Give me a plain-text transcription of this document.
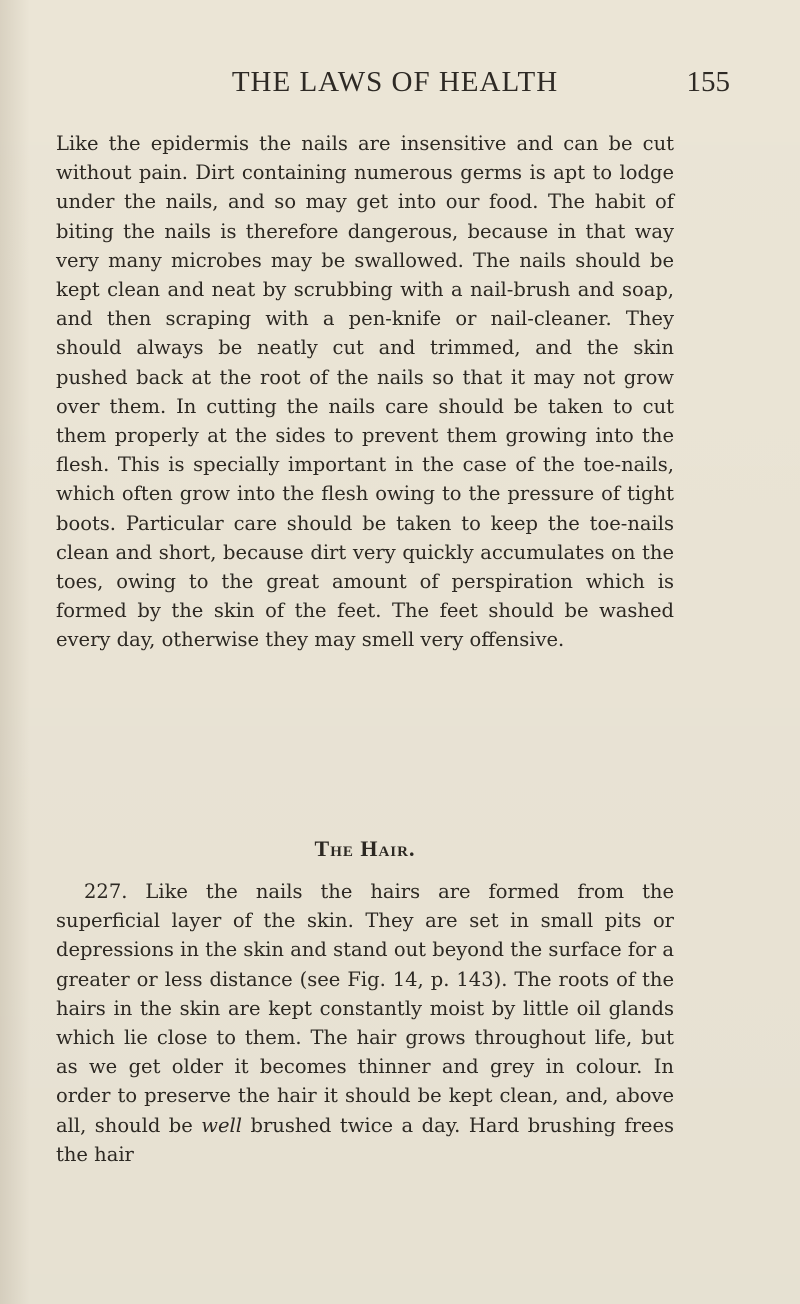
THE LAWS OF HEALTH	155

Like the epidermis the nails are insensitive and can be cut without pain. Dirt containing numerous germs is apt to lodge under the nails, and so may get into our food. The habit of biting the nails is therefore dangerous, because in that way very many microbes may be swallowed. The nails should be kept clean and neat by scrubbing with a nail-brush and soap, and then scraping with a pen-knife or nail-cleaner. They should always be neatly cut and trimmed, and the skin pushed back at the root of the nails so that it may not grow over them. In cutting the nails care should be taken to cut them properly at the sides to prevent them growing into the flesh. This is specially important in the case of the toe-nails, which often grow into the flesh owing to the pressure of tight boots. Particular care should be taken to keep the toe-nails clean and short, because dirt very quickly accumulates on the toes, owing to the great amount of perspiration which is formed by the skin of the feet. The feet should be washed every day, otherwise they may smell very offensive.

The Hair.

227. Like the nails the hairs are formed from the superficial layer of the skin. They are set in small pits or depressions in the skin and stand out beyond the surface for a greater or less distance (see Fig. 14, p. 143). The roots of the hairs in the skin are kept constantly moist by little oil glands which lie close to them. The hair grows throughout life, but as we get older it becomes thinner and grey in colour. In order to preserve the hair it should be kept clean, and, above all, should be well brushed twice a day. Hard brushing frees the hair
